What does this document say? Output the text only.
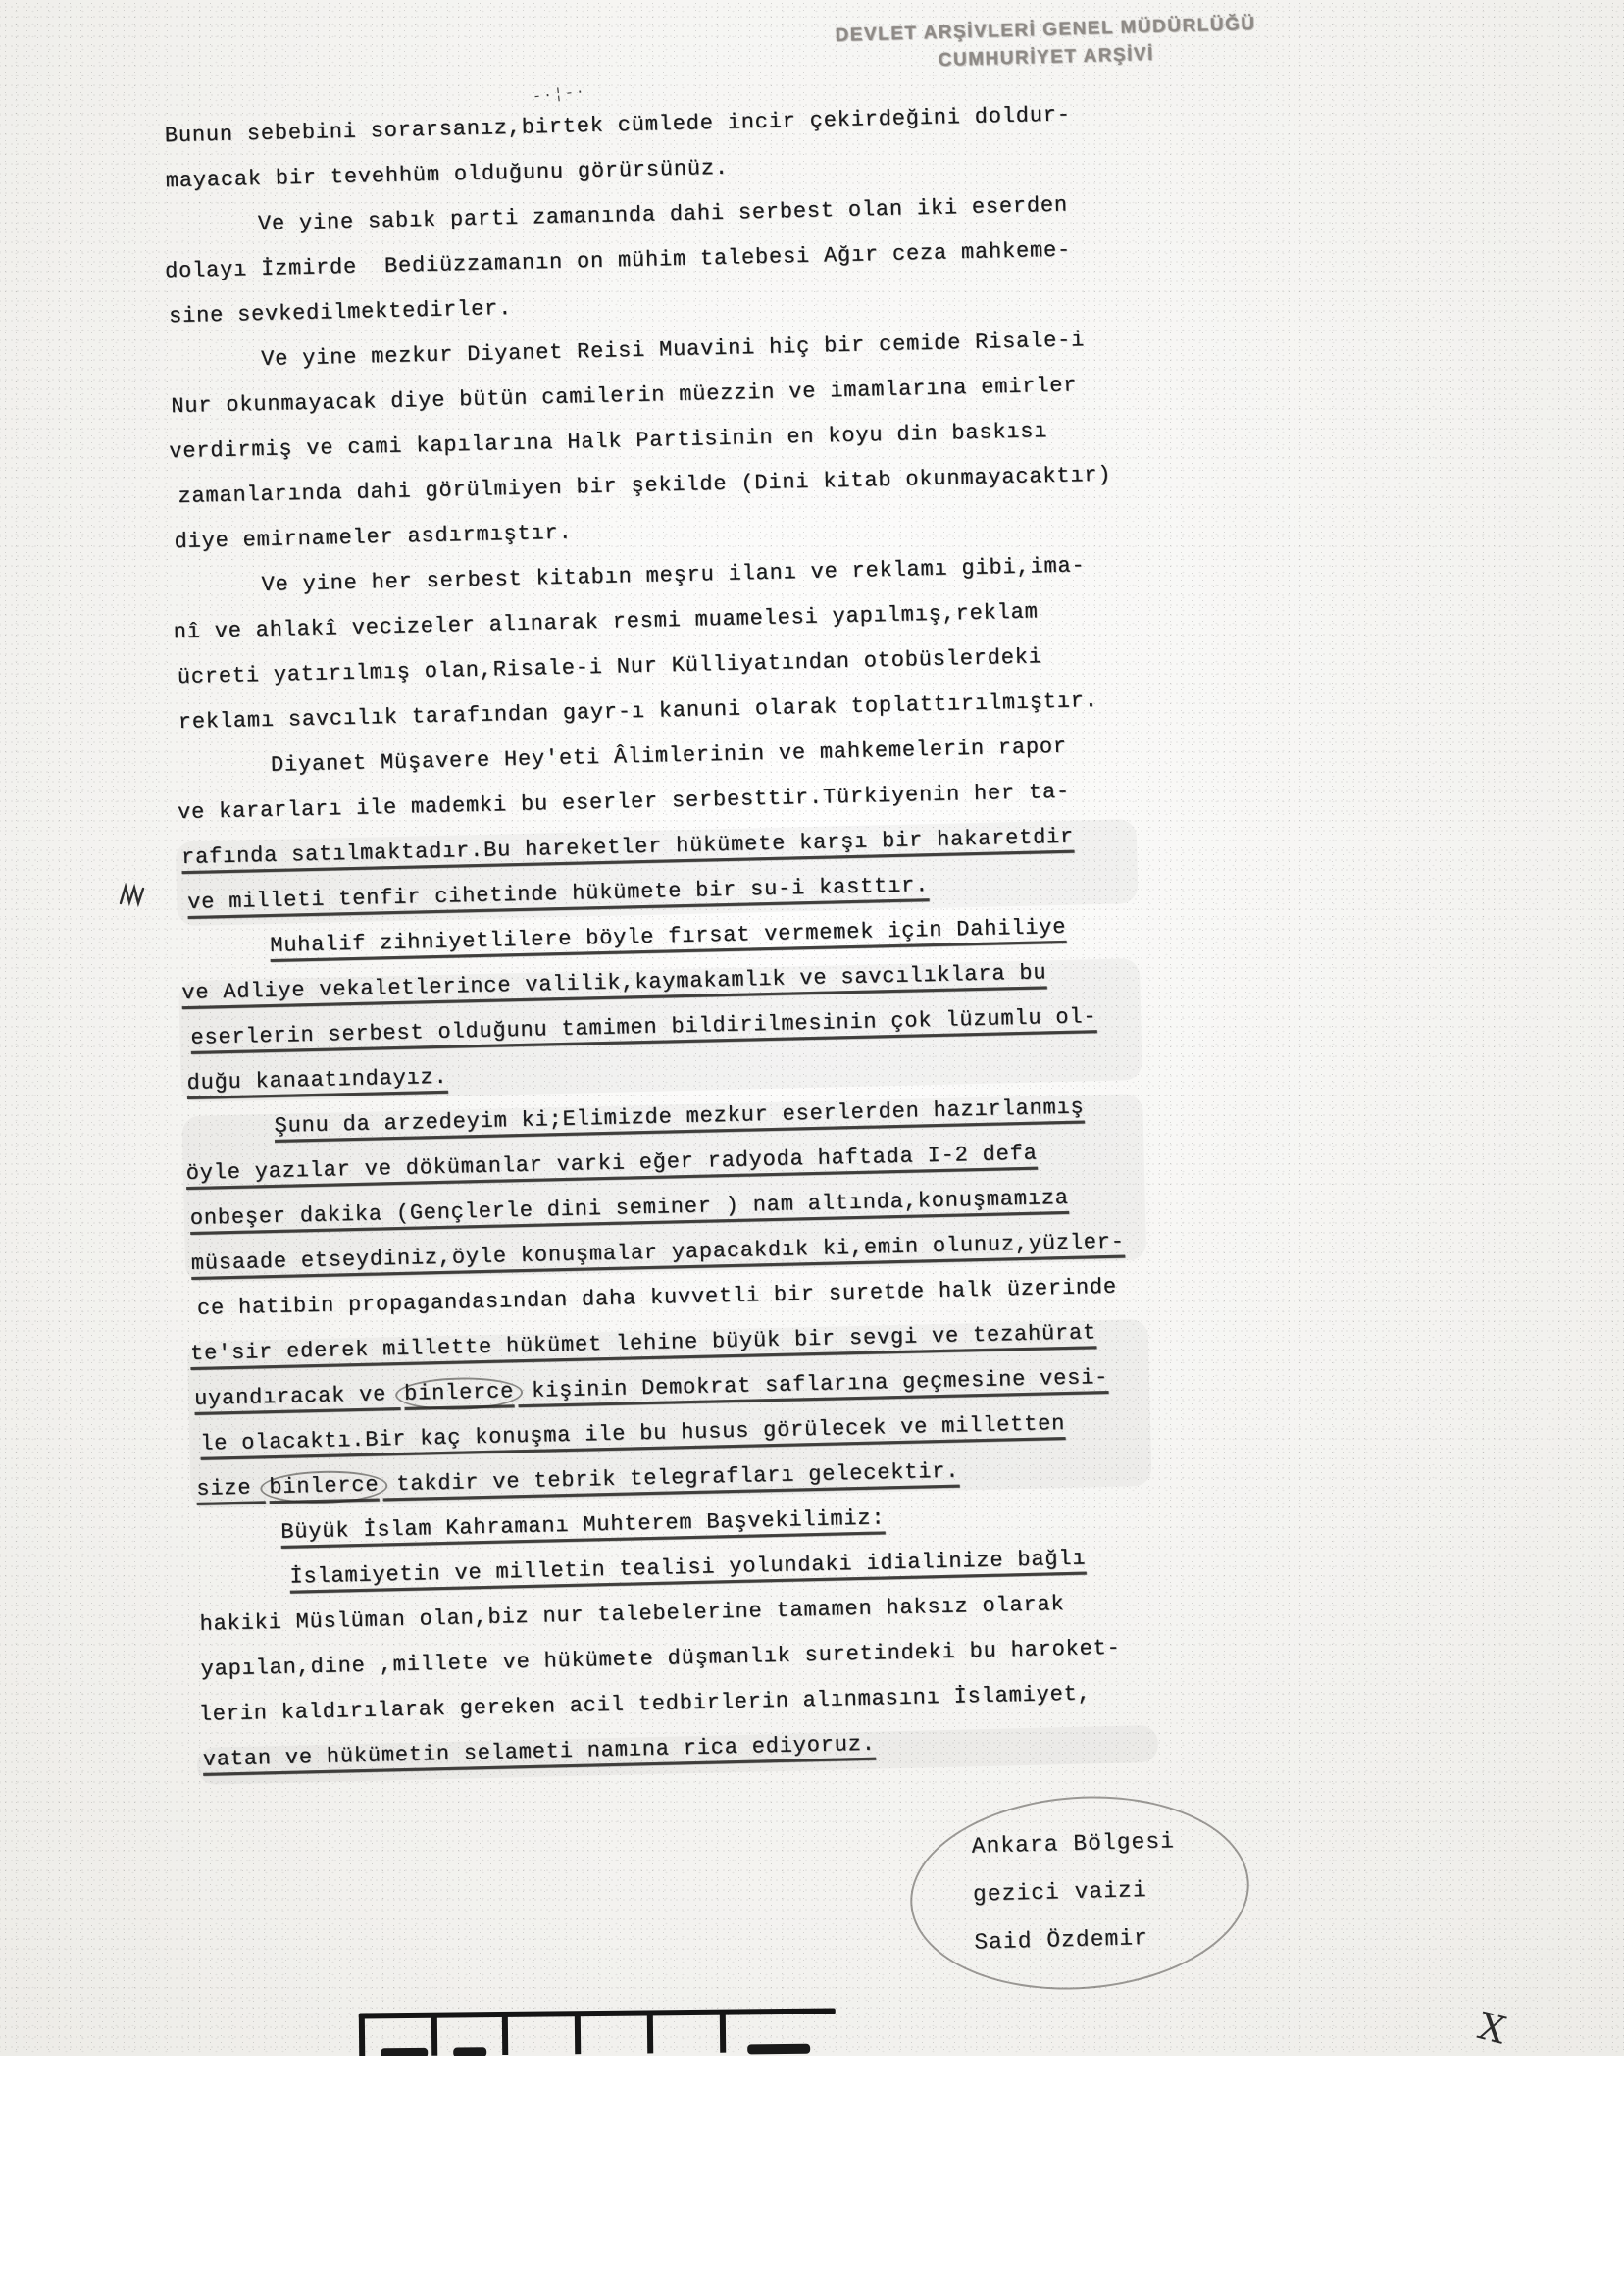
DEVLET ARŞİVLERİ GENEL MÜDÜRLÜĞÜ
CUMHURİYET ARŞİVİ
-·¦-·
Bunun sebebini sorarsanız,birtek cümlede incir çekirdeğini doldur-
mayacak bir tevehhüm olduğunu görürsünüz.
Ve yine sabık parti zamanında dahi serbest olan iki eserden
dolayı İzmirde  Bediüzzamanın on mühim talebesi Ağır ceza mahkeme-
sine sevkedilmektedirler.
Ve yine mezkur Diyanet Reisi Muavini hiç bir cemide Risale-i
Nur okunmayacak diye bütün camilerin müezzin ve imamlarına emirler
verdirmiş ve cami kapılarına Halk Partisinin en koyu din baskısı
zamanlarında dahi görülmiyen bir şekilde (Dini kitab okunmayacaktır)
diye emirnameler asdırmıştır.
Ve yine her serbest kitabın meşru ilanı ve reklamı gibi,ima-
nî ve ahlakî vecizeler alınarak resmi muamelesi yapılmış,reklam
ücreti yatırılmış olan,Risale-i Nur Külliyatından otobüslerdeki
reklamı savcılık tarafından gayr-ı kanuni olarak toplattırılmıştır.
Diyanet Müşavere Hey'eti Âlimlerinin ve mahkemelerin rapor
ve kararları ile mademki bu eserler serbesttir.Türkiyenin her ta-
rafında satılmaktadır.Bu hareketler hükümete karşı bir hakaretdir
ve milleti tenfir cihetinde hükümete bir su-i kasttır.
Muhalif zihniyetlilere böyle fırsat vermemek için Dahiliye
ve Adliye vekaletlerince valilik,kaymakamlık ve savcılıklara bu
eserlerin serbest olduğunu tamimen bildirilmesinin çok lüzumlu ol-
duğu kanaatındayız.
Şunu da arzedeyim ki;Elimizde mezkur eserlerden hazırlanmış
öyle yazılar ve dökümanlar varki eğer radyoda haftada I-2 defa
onbeşer dakika (Gençlerle dini seminer ) nam altında,konuşmamıza
müsaade etseydiniz,öyle konuşmalar yapacakdık ki,emin olunuz,yüzler-
ce hatibin propagandasından daha kuvvetli bir suretde halk üzerinde
te'sir ederek millette hükümet lehine büyük bir sevgi ve tezahürat
uyandıracak ve binlerce kişinin Demokrat saflarına geçmesine vesi-
le olacaktı.Bir kaç konuşma ile bu husus görülecek ve milletten
size binlerce takdir ve tebrik telegrafları gelecektir.
Büyük İslam Kahramanı Muhterem Başvekilimiz:
İslamiyetin ve milletin tealisi yolundaki idialinize bağlı
hakiki Müslüman olan,biz nur talebelerine tamamen haksız olarak
yapılan,dine ,millete ve hükümete düşmanlık suretindeki bu haroket-
lerin kaldırılarak gereken acil tedbirlerin alınmasını İslamiyet,
vatan ve hükümetin selameti namına rica ediyoruz.
Ankara Bölgesi
gezici vaizi
Said Özdemir
X
